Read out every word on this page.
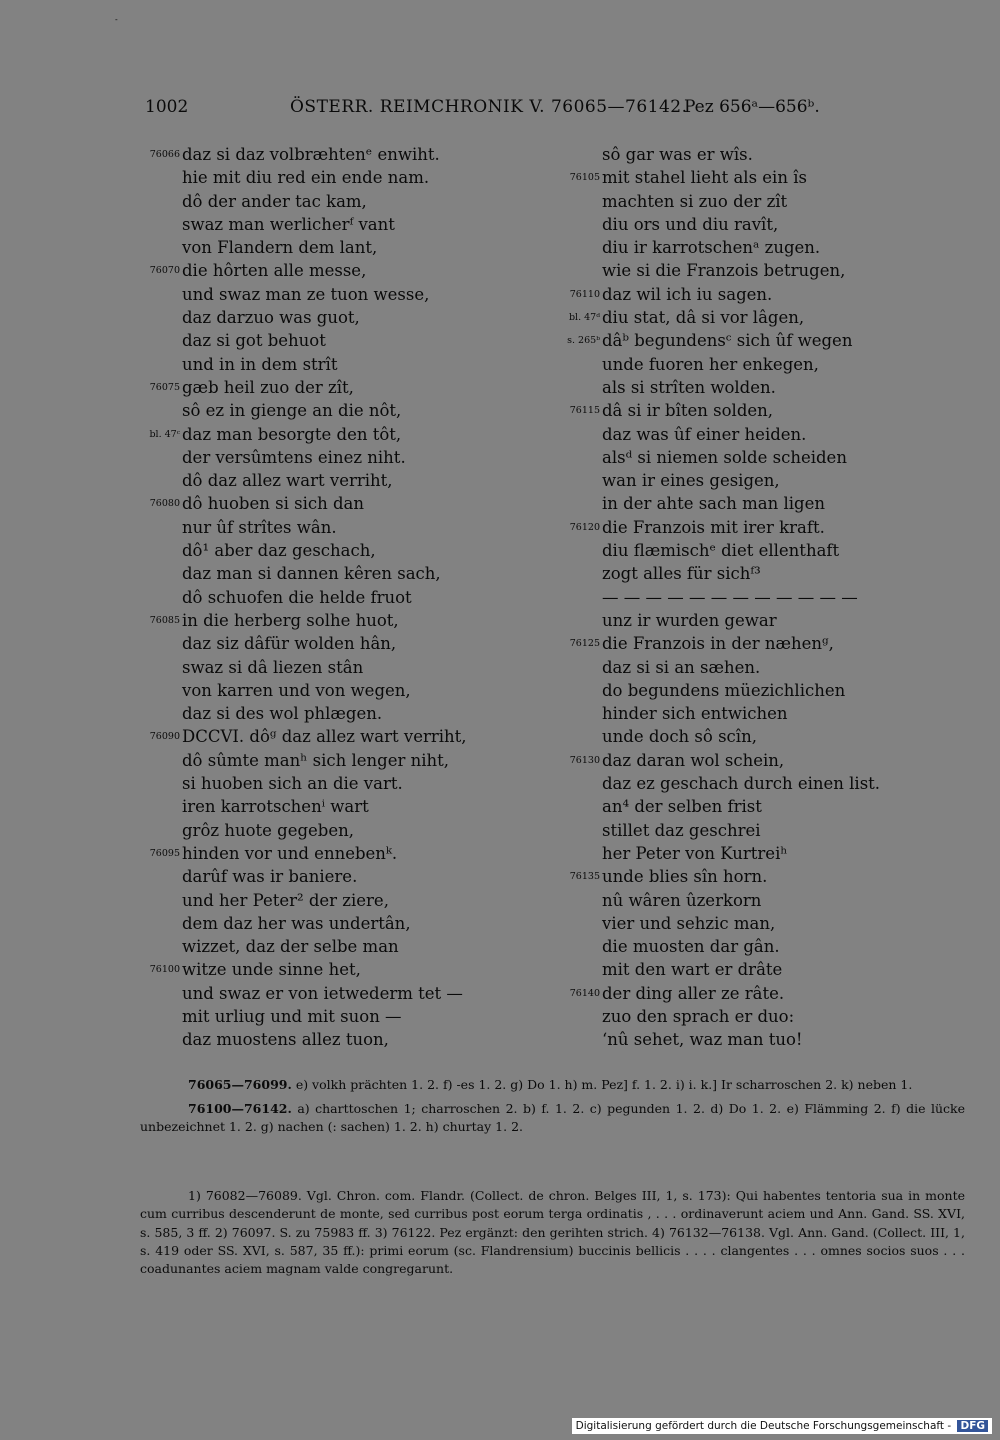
-
1002	ÖSTERR. REIMCHRONIK V. 76065—76142.
Pez 656ᵃ—656ᵇ.
76066 daz si daz volbræhtenᵉ enwiht.
hie mit diu red ein ende nam.
dô der ander tac kam,
swaz man werlicherᶠ vant
von Flandern dem lant,
76070 die hôrten alle messe,
und swaz man ze tuon wesse,
daz darzuo was guot,
daz si got behuot
und in in dem strît
76075 gæb heil zuo der zît,
sô ez in gienge an die nôt,
bl. 47ᶜ daz man besorgte den tôt,
der versûmtens einez niht.
dô daz allez wart verriht,
76080 dô huoben si sich dan
nur ûf strîtes wân.
dô¹ aber daz geschach,
daz man si dannen kêren sach,
dô schuofen die helde fruot
76085 in die herberg solhe huot,
daz siz dâfür wolden hân,
swaz si dâ liezen stân
von karren und von wegen,
daz si des wol phlægen.
76090 DCCVI. dôᵍ daz allez wart verriht,
dô sûmte manʰ sich lenger niht,
si huoben sich an die vart.
iren karrotschenⁱ wart
grôz huote gegeben,
76095 hinden vor und ennebenᵏ.
darûf was ir baniere.
und her Peter² der ziere,
dem daz her was undertân,
wizzet, daz der selbe man
76100 witze unde sinne het,
und swaz er von ietwederm tet —
mit urliug und mit suon —
daz muostens allez tuon,
sô gar was er wîs.
76105 mit stahel lieht als ein îs
machten si zuo der zît
diu ors und diu ravît,
diu ir karrotschenᵃ zugen.
wie si die Franzois betrugen,
76110 daz wil ich iu sagen.
bl. 47ᵈ diu stat, dâ si vor lâgen,
s. 265ᵇ dâᵇ begundensᶜ sich ûf wegen
unde fuoren her enkegen,
als si strîten wolden.
76115 dâ si ir bîten solden,
daz was ûf einer heiden.
alsᵈ si niemen solde scheiden
wan ir eines gesigen,
in der ahte sach man ligen
76120 die Franzois mit irer kraft.
diu flæmischᵉ diet ellenthaft
zogt alles für sichᶠ³
— — — — — — — — — — — —
unz ir wurden gewar
76125 die Franzois in der næhenᵍ,
daz si si an sæhen.
do begundens müezichlichen
hinder sich entwichen
unde doch sô scîn,
76130 daz daran wol schein,
daz ez geschach durch einen list.
an⁴ der selben frist
stillet daz geschrei
her Peter von Kurtreiʰ
76135 unde blies sîn horn.
nû wâren ûzerkorn
vier und sehzic man,
die muosten dar gân.
mit den wart er drâte
76140 der ding aller ze râte.
zuo den sprach er duo:
‘nû sehet, waz man tuo!
76065—76099. e) volkh prächten 1. 2. f) -es 1. 2. g) Do 1. h) m. Pez] f. 1. 2. i) i. k.] Ir scharroschen 2. k) neben 1.
76100—76142. a) charttoschen 1; charroschen 2. b) f. 1. 2. c) pegunden 1. 2. d) Do 1. 2. e) Flämming 2. f) die lücke unbezeichnet 1. 2. g) nachen (: sachen) 1. 2. h) churtay 1. 2.

1) 76082—76089. Vgl. Chron. com. Flandr. (Collect. de chron. Belges III, 1, s. 173): Qui habentes tentoria sua in monte cum curribus descenderunt de monte, sed curribus post eorum terga ordinatis , . . . ordinaverunt aciem und Ann. Gand. SS. XVI, s. 585, 3 ff. 2) 76097. S. zu 75983 ff. 3) 76122. Pez ergänzt: den gerihten strich. 4) 76132—76138. Vgl. Ann. Gand. (Collect. III, 1, s. 419 oder SS. XVI, s. 587, 35 ff.): primi eorum (sc. Flandrensium) buccinis bellicis . . . . clangentes . . . omnes socios suos . . . coadunantes aciem magnam valde congregarunt.

Digitalisierung gefördert durch die Deutsche Forschungsgemeinschaft - DFG
